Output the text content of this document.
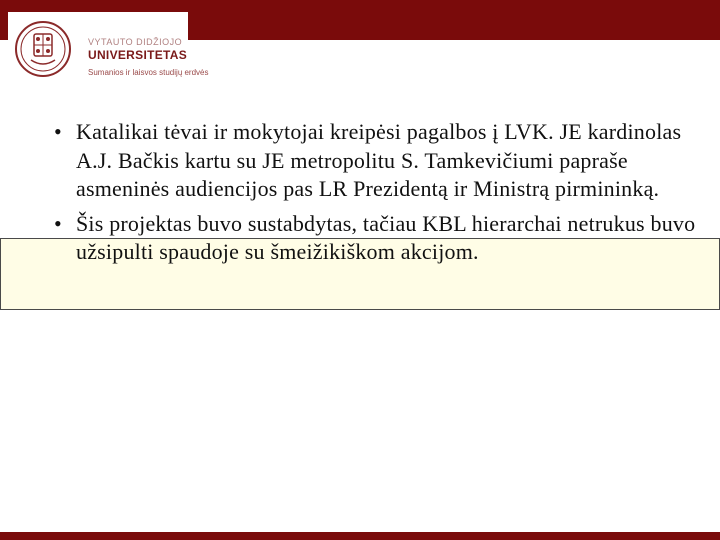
VYTAUTO DIDŽIOJO
UNIVERSITETAS
Sumanios ir laisvos studijų erdvės
• Katalikai tėvai ir mokytojai kreipėsi pagalbos į LVK. JE kardinolas A.J. Bačkis kartu su JE metropolitu S. Tamkevičiumi papraše asmeninės audiencijos pas LR Prezidentą ir Ministrą pirmininką.
• Šis projektas buvo sustabdytas, tačiau KBL hierarchai netrukus buvo užsipulti spaudoje su šmeižikiškom akcijom.
